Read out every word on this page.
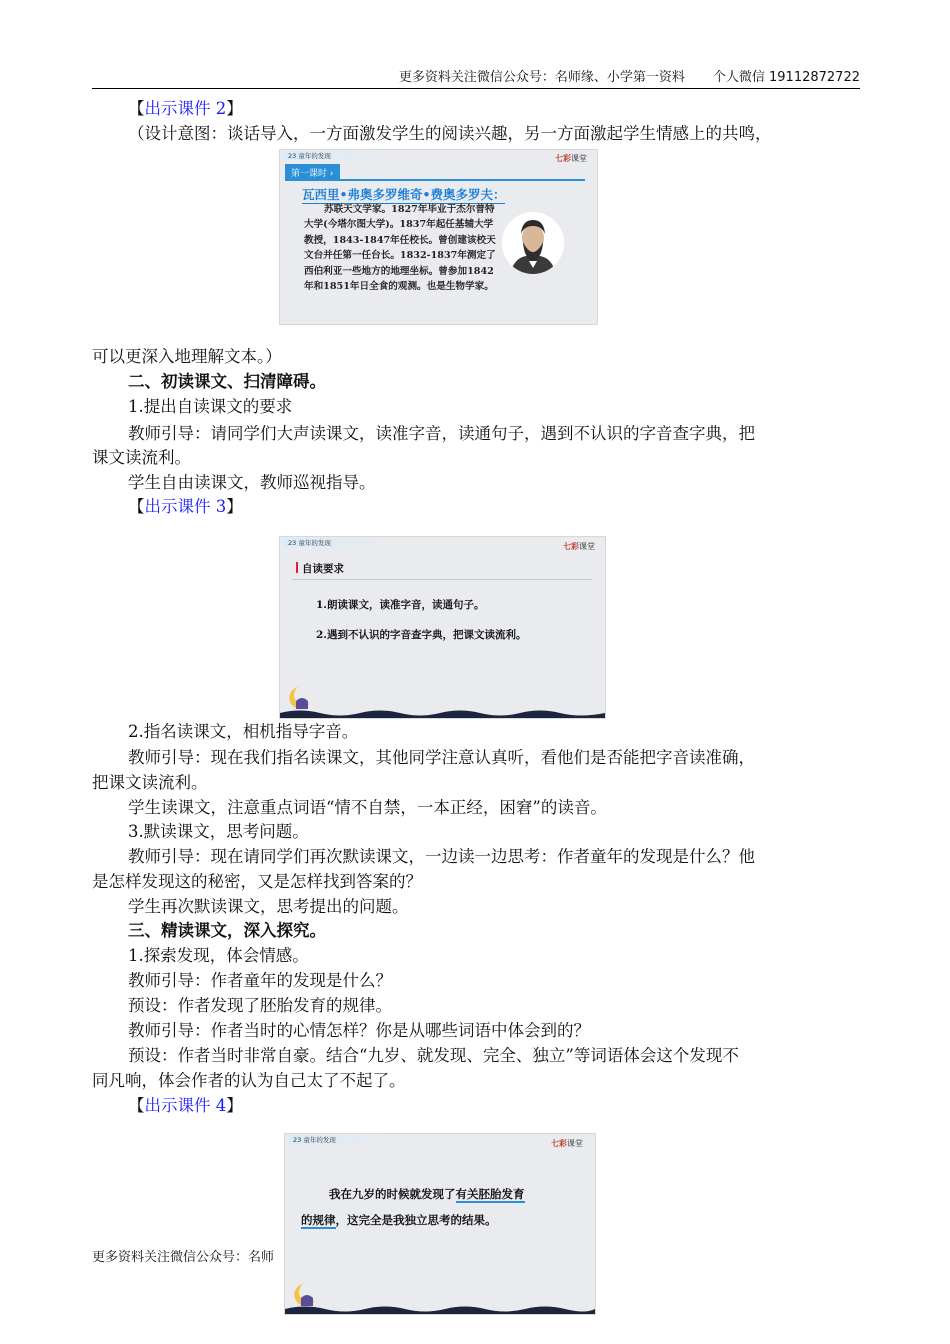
更多资料关注微信公众号：名师缘、小学第一资料 个人微信 19112872722
【出示课件 2】
（设计意图：谈话导入，一方面激发学生的阅读兴趣，另一方面激起学生情感上的共鸣，
23 童年的发现	七彩课堂
第一课时 ›
瓦西里•弗奥多罗维奇•费奥多罗夫：
苏联天文学家。1827年毕业于杰尔普特大学(今塔尔图大学)。1837年起任基辅大学教授，1843-1847年任校长。曾创建该校天文台并任第一任台长。1832-1837年测定了西伯利亚一些地方的地理坐标。曾参加1842年和1851年日全食的观测。也是生物学家。
可以更深入地理解文本。）
二、初读课文、扫清障碍。
1.提出自读课文的要求
教师引导：请同学们大声读课文，读准字音，读通句子，遇到不认识的字音查字典，把
课文读流利。
学生自由读课文，教师巡视指导。
【出示课件 3】
23 童年的发现	七彩课堂
自读要求
1.朗读课文，读准字音，读通句子。
2.遇到不认识的字音查字典，把课文读流利。
2.指名读课文，相机指导字音。
教师引导：现在我们指名读课文，其他同学注意认真听，看他们是否能把字音读准确，
把课文读流利。
学生读课文，注意重点词语“情不自禁，一本正经，困窘”的读音。
3.默读课文，思考问题。
教师引导：现在请同学们再次默读课文，一边读一边思考：作者童年的发现是什么？他
是怎样发现这的秘密，又是怎样找到答案的？
学生再次默读课文，思考提出的问题。
三、精读课文，深入探究。
1.探索发现，体会情感。
教师引导：作者童年的发现是什么？
预设：作者发现了胚胎发育的规律。
教师引导：作者当时的心情怎样？你是从哪些词语中体会到的？
预设：作者当时非常自豪。结合“九岁、就发现、完全、独立”等词语体会这个发现不
同凡响，体会作者的认为自己太了不起了。
【出示课件 4】
更多资料关注微信公众号：名师
23 童年的发现	七彩课堂
我在九岁的时候就发现了有关胚胎发育
的规律，这完全是我独立思考的结果。
